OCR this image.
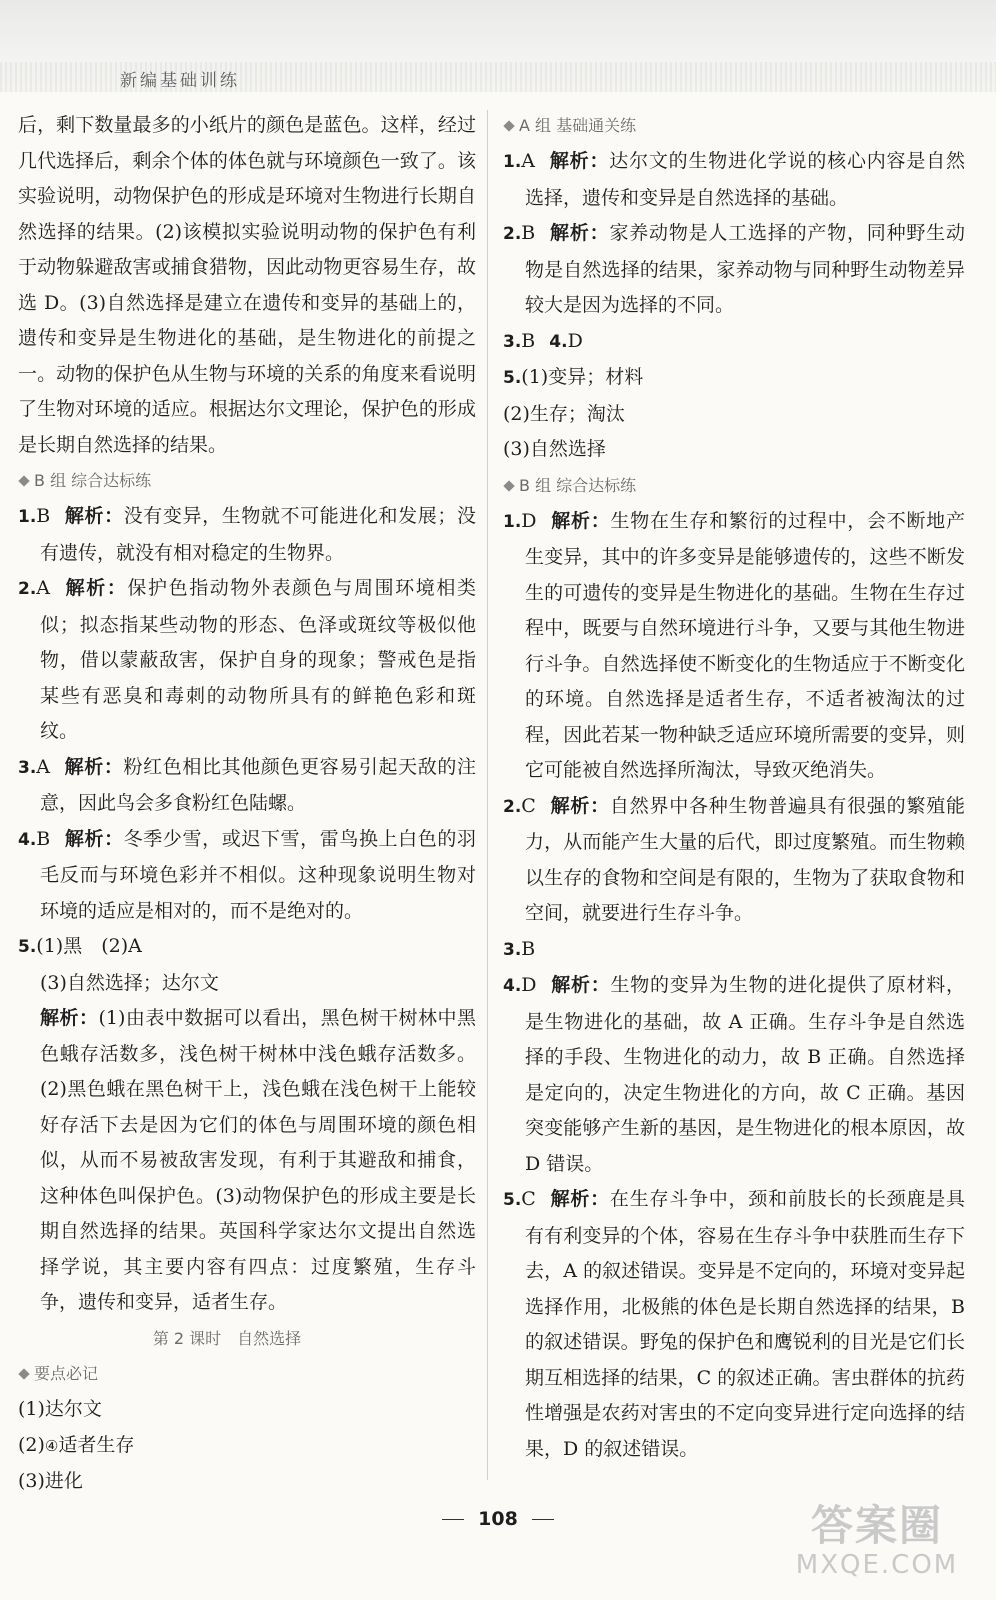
新编基础训练

后，剩下数量最多的小纸片的颜色是蓝色。这样，经过几代选择后，剩余个体的体色就与环境颜色一致了。该实验说明，动物保护色的形成是环境对生物进行长期自然选择的结果。(2)该模拟实验说明动物的保护色有利于动物躲避敌害或捕食猎物，因此动物更容易生存，故选 D。(3)自然选择是建立在遗传和变异的基础上的，遗传和变异是生物进化的基础，是生物进化的前提之一。动物的保护色从生物与环境的关系的角度来看说明了生物对环境的适应。根据达尔文理论，保护色的形成是长期自然选择的结果。

B 组 综合达标练

1.B 解析：没有变异，生物就不可能进化和发展；没有遗传，就没有相对稳定的生物界。

2.A 解析：保护色指动物外表颜色与周围环境相类似；拟态指某些动物的形态、色泽或斑纹等极似他物，借以蒙蔽敌害，保护自身的现象；警戒色是指某些有恶臭和毒刺的动物所具有的鲜艳色彩和斑纹。

3.A 解析：粉红色相比其他颜色更容易引起天敌的注意，因此鸟会多食粉红色陆螺。

4.B 解析：冬季少雪，或迟下雪，雷鸟换上白色的羽毛反而与环境色彩并不相似。这种现象说明生物对环境的适应是相对的，而不是绝对的。

5.(1)黑　(2)A

(3)自然选择；达尔文

解析：(1)由表中数据可以看出，黑色树干树林中黑色蛾存活数多，浅色树干树林中浅色蛾存活数多。(2)黑色蛾在黑色树干上，浅色蛾在浅色树干上能较好存活下去是因为它们的体色与周围环境的颜色相似，从而不易被敌害发现，有利于其避敌和捕食，这种体色叫保护色。(3)动物保护色的形成主要是长期自然选择的结果。英国科学家达尔文提出自然选择学说，其主要内容有四点：过度繁殖，生存斗争，遗传和变异，适者生存。

第 2 课时　自然选择

要点必记

(1)达尔文

(2)④适者生存

(3)进化

A 组 基础通关练

1.A 解析：达尔文的生物进化学说的核心内容是自然选择，遗传和变异是自然选择的基础。

2.B 解析：家养动物是人工选择的产物，同种野生动物是自然选择的结果，家养动物与同种野生动物差异较大是因为选择的不同。

3.B 4.D

5.(1)变异；材料

(2)生存；淘汰

(3)自然选择

B 组 综合达标练

1.D 解析：生物在生存和繁衍的过程中，会不断地产生变异，其中的许多变异是能够遗传的，这些不断发生的可遗传的变异是生物进化的基础。生物在生存过程中，既要与自然环境进行斗争，又要与其他生物进行斗争。自然选择使不断变化的生物适应于不断变化的环境。自然选择是适者生存，不适者被淘汰的过程，因此若某一物种缺乏适应环境所需要的变异，则它可能被自然选择所淘汰，导致灭绝消失。

2.C 解析：自然界中各种生物普遍具有很强的繁殖能力，从而能产生大量的后代，即过度繁殖。而生物赖以生存的食物和空间是有限的，生物为了获取食物和空间，就要进行生存斗争。

3.B

4.D 解析：生物的变异为生物的进化提供了原材料，是生物进化的基础，故 A 正确。生存斗争是自然选择的手段、生物进化的动力，故 B 正确。自然选择是定向的，决定生物进化的方向，故 C 正确。基因突变能够产生新的基因，是生物进化的根本原因，故 D 错误。

5.C 解析：在生存斗争中，颈和前肢长的长颈鹿是具有有利变异的个体，容易在生存斗争中获胜而生存下去，A 的叙述错误。变异是不定向的，环境对变异起选择作用，北极熊的体色是长期自然选择的结果，B 的叙述错误。野兔的保护色和鹰锐利的目光是它们长期互相选择的结果，C 的叙述正确。害虫群体的抗药性增强是农药对害虫的不定向变异进行定向选择的结果，D 的叙述错误。

108	答案圈
MXQE.COM
